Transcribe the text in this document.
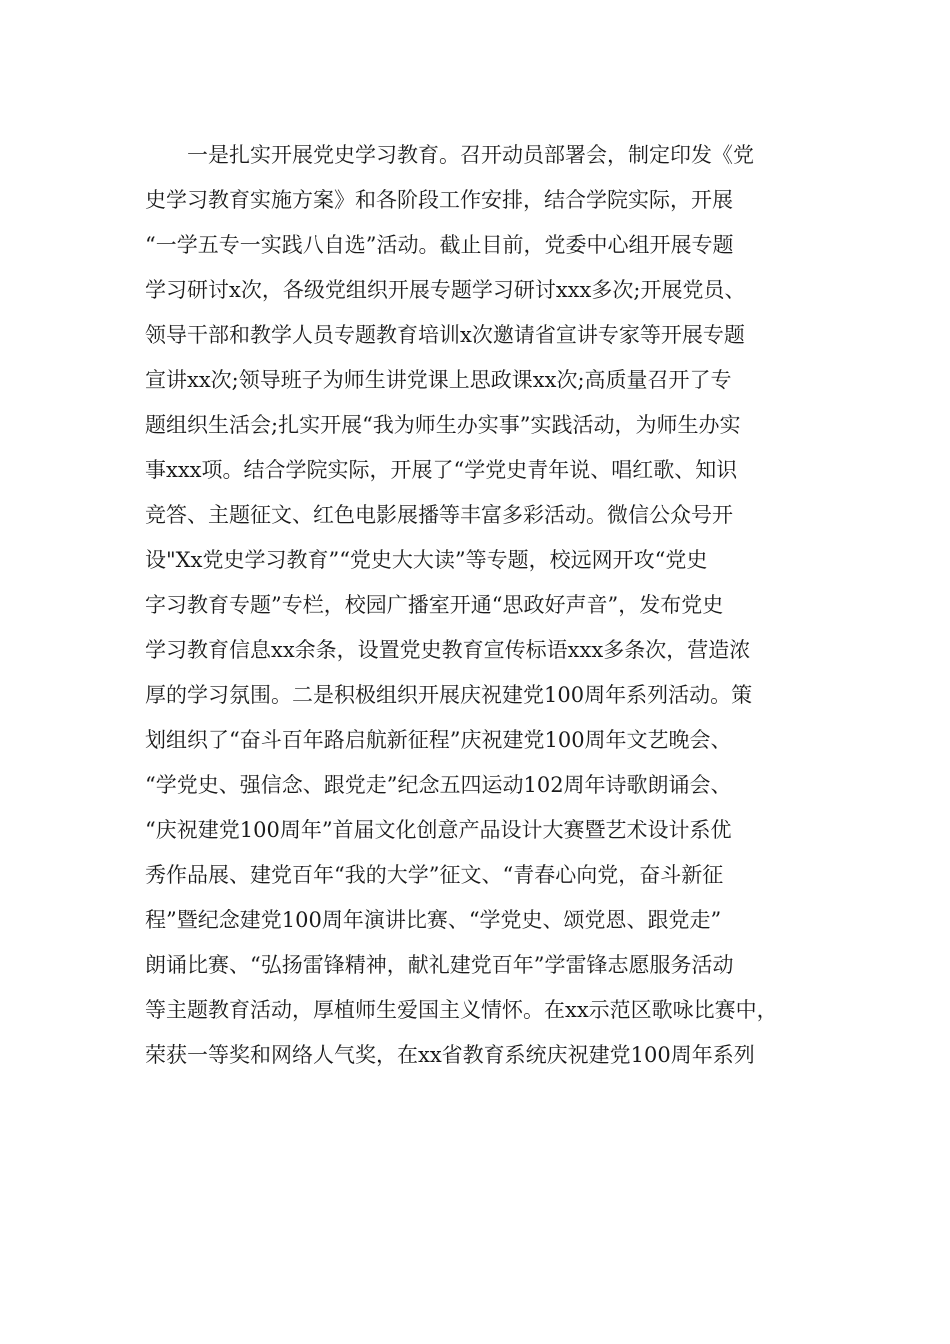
一是扎实开展党史学习教育。召开动员部署会，制定印发《党
史学习教育实施方案》和各阶段工作安排，结合学院实际，开展
“一学五专一实践八自选”活动。截止目前，党委中心组开展专题
学习研讨x次，各级党组织开展专题学习研讨xxx多次;开展党员、
领导干部和教学人员专题教育培训x次邀请省宣讲专家等开展专题
宣讲xx次;领导班子为师生讲党课上思政课xx次;高质量召开了专
题组织生活会;扎实开展“我为师生办实事”实践活动，为师生办实
事xxx项。结合学院实际，开展了“学党史青年说、唱红歌、知识
竞答、主题征文、红色电影展播等丰富多彩活动。微信公众号开
设"Xx党史学习教育”“党史大大读”等专题，校远网开攻“党史
字习教育专题”专栏，校园广播室开通“思政好声音”，发布党史
学习教育信息xx余条，设置党史教育宣传标语xxx多条次，营造浓
厚的学习氛围。二是积极组织开展庆祝建党100周年系列活动。策
划组织了“奋斗百年路启航新征程”庆祝建党100周年文艺晚会、
“学党史、强信念、跟党走”纪念五四运动102周年诗歌朗诵会、
“庆祝建党100周年”首届文化创意产品设计大赛暨艺术设计系优
秀作品展、建党百年“我的大学”征文、“青春心向党，奋斗新征
程”暨纪念建党100周年演讲比赛、“学党史、颂党恩、跟党走”
朗诵比赛、“弘扬雷锋精神，献礼建党百年”学雷锋志愿服务活动
等主题教育活动，厚植师生爱国主义情怀。在xx示范区歌咏比赛中，
荣获一等奖和网络人气奖，在xx省教育系统庆祝建党100周年系列
